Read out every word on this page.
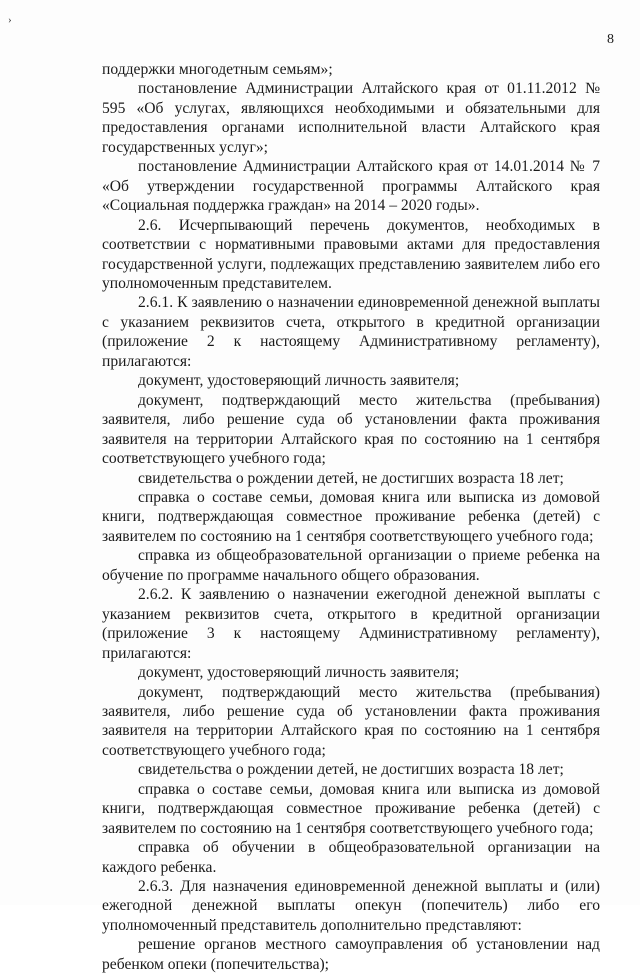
›
8

поддержки многодетным семьям»;

постановление Администрации Алтайского края от 01.11.2012 № 595 «Об услугах, являющихся необходимыми и обязательными для предоставления органами исполнительной власти Алтайского края государственных услуг»;

постановление Администрации Алтайского края от 14.01.2014 № 7 «Об утверждении государственной программы Алтайского края «Социальная поддержка граждан» на 2014 – 2020 годы».

2.6. Исчерпывающий перечень документов, необходимых в соответствии с нормативными правовыми актами для предоставления государственной услуги, подлежащих представлению заявителем либо его уполномоченным представителем.

2.6.1. К заявлению о назначении единовременной денежной выплаты с указанием реквизитов счета, открытого в кредитной организации (приложение 2 к настоящему Административному регламенту), прилагаются:

документ, удостоверяющий личность заявителя;

документ, подтверждающий место жительства (пребывания) заявителя, либо решение суда об установлении факта проживания заявителя на территории Алтайского края по состоянию на 1 сентября соответствующего учебного года;

свидетельства о рождении детей, не достигших возраста 18 лет;

справка о составе семьи, домовая книга или выписка из домовой книги, подтверждающая совместное проживание ребенка (детей) с заявителем по состоянию на 1 сентября соответствующего учебного года;

справка из общеобразовательной организации о приеме ребенка на обучение по программе начального общего образования.

2.6.2. К заявлению о назначении ежегодной денежной выплаты с указанием реквизитов счета, открытого в кредитной организации (приложение 3 к настоящему Административному регламенту), прилагаются:

документ, удостоверяющий личность заявителя;

документ, подтверждающий место жительства (пребывания) заявителя, либо решение суда об установлении факта проживания заявителя на территории Алтайского края по состоянию на 1 сентября соответствующего учебного года;

свидетельства о рождении детей, не достигших возраста 18 лет;

справка о составе семьи, домовая книга или выписка из домовой книги, подтверждающая совместное проживание ребенка (детей) с заявителем по состоянию на 1 сентября соответствующего учебного года;

справка об обучении в общеобразовательной организации на каждого ребенка.

2.6.3. Для назначения единовременной денежной выплаты и (или) ежегодной денежной выплаты опекун (попечитель) либо его уполномоченный представитель дополнительно представляют:

решение органов местного самоуправления об установлении над ребенком опеки (попечительства);
